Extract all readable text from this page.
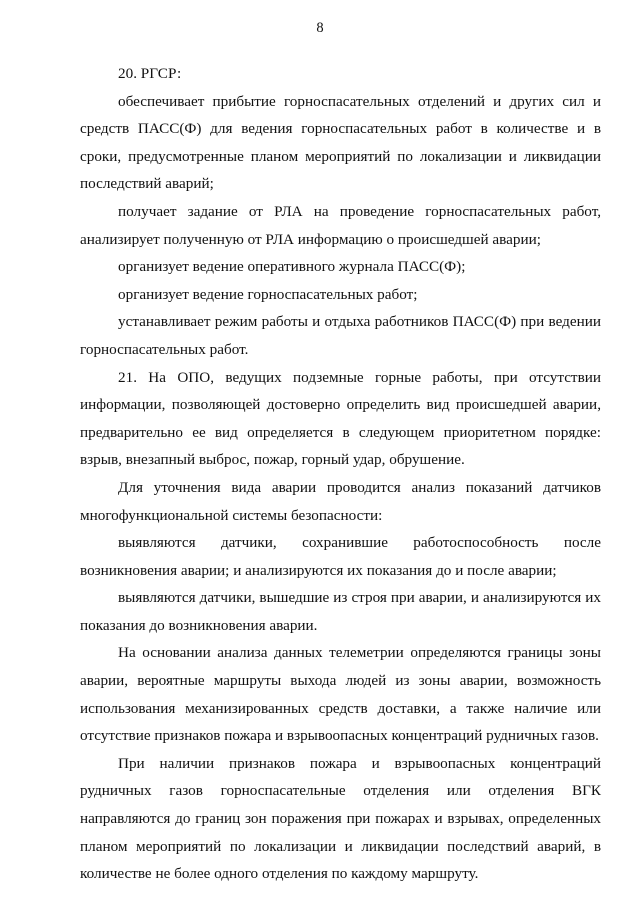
8

20. РГСР:

обеспечивает прибытие горноспасательных отделений и других сил и средств ПАСС(Ф) для ведения горноспасательных работ в количестве и в сроки, предусмотренные планом мероприятий по локализации и ликвидации последствий аварий;

получает задание от РЛА на проведение горноспасательных работ, анализирует полученную от РЛА информацию о происшедшей аварии;

организует ведение оперативного журнала ПАСС(Ф);

организует ведение горноспасательных работ;

устанавливает режим работы и отдыха работников ПАСС(Ф) при ведении горноспасательных работ.

21. На ОПО, ведущих подземные горные работы, при отсутствии информации, позволяющей достоверно определить вид происшедшей аварии, предварительно ее вид определяется в следующем приоритетном порядке: взрыв, внезапный выброс, пожар, горный удар, обрушение.

Для уточнения вида аварии проводится анализ показаний датчиков многофункциональной системы безопасности:

выявляются датчики, сохранившие работоспособность после возникновения аварии; и анализируются их показания до и после аварии;

выявляются датчики, вышедшие из строя при аварии, и анализируются их показания до возникновения аварии.

На основании анализа данных телеметрии определяются границы зоны аварии, вероятные маршруты выхода людей из зоны аварии, возможность использования механизированных средств доставки, а также наличие или отсутствие признаков пожара и взрывоопасных концентраций рудничных газов.

При наличии признаков пожара и взрывоопасных концентраций рудничных газов горноспасательные отделения или отделения ВГК направляются до границ зон поражения при пожарах и взрывах, определенных планом мероприятий по локализации и ликвидации последствий аварий, в количестве не более одного отделения по каждому маршруту.
